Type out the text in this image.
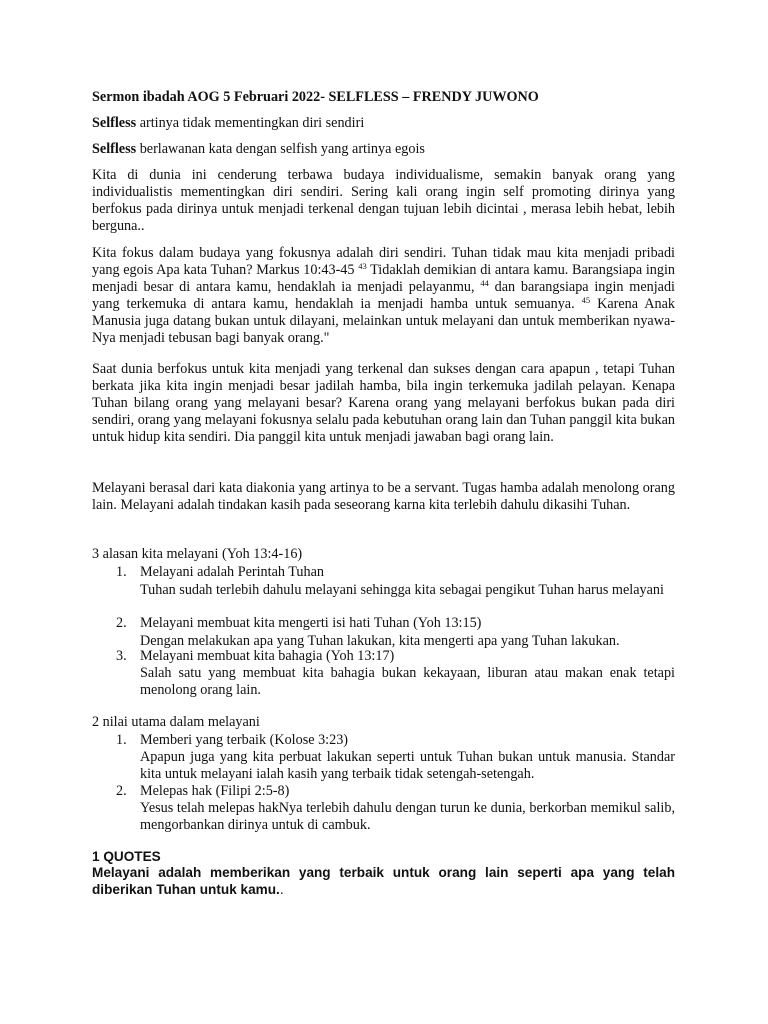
Sermon ibadah AOG 5 Februari 2022- SELFLESS – FRENDY JUWONO

Selfless artinya tidak mementingkan diri sendiri

Selfless berlawanan kata dengan selfish yang artinya egois

Kita di dunia ini cenderung terbawa budaya individualisme, semakin banyak orang yang individualistis mementingkan diri sendiri. Sering kali orang ingin self promoting dirinya yang berfokus pada dirinya untuk menjadi terkenal dengan tujuan lebih dicintai , merasa lebih hebat, lebih berguna..

Kita fokus dalam budaya yang fokusnya adalah diri sendiri. Tuhan tidak mau kita menjadi pribadi yang egois Apa kata Tuhan? Markus 10:43-45 $^{43}$ Tidaklah demikian di antara kamu. Barangsiapa ingin menjadi besar di antara kamu, hendaklah ia menjadi pelayanmu, $^{44}$ dan barangsiapa ingin menjadi yang terkemuka di antara kamu, hendaklah ia menjadi hamba untuk semuanya. $^{45}$ Karena Anak Manusia juga datang bukan untuk dilayani, melainkan untuk melayani dan untuk memberikan nyawa-Nya menjadi tebusan bagi banyak orang."

Saat dunia berfokus untuk kita menjadi yang terkenal dan sukses dengan cara apapun , tetapi Tuhan berkata jika kita ingin menjadi besar jadilah hamba, bila ingin terkemuka jadilah pelayan. Kenapa Tuhan bilang orang yang melayani besar? Karena orang yang melayani berfokus bukan pada diri sendiri, orang yang melayani fokusnya selalu pada kebutuhan orang lain dan Tuhan panggil kita bukan untuk hidup kita sendiri. Dia panggil kita untuk menjadi jawaban bagi orang lain.

Melayani berasal dari kata diakonia yang artinya to be a servant. Tugas hamba adalah menolong orang lain. Melayani adalah tindakan kasih pada seseorang karna kita terlebih dahulu dikasihi Tuhan.

3 alasan kita melayani (Yoh 13:4-16)

1. Melayani adalah Perintah Tuhan

Tuhan sudah terlebih dahulu melayani sehingga kita sebagai pengikut Tuhan harus melayani

2. Melayani membuat kita mengerti isi hati Tuhan (Yoh 13:15)

Dengan melakukan apa yang Tuhan lakukan, kita mengerti apa yang Tuhan lakukan.

3. Melayani membuat kita bahagia (Yoh 13:17)

Salah satu yang membuat kita bahagia bukan kekayaan, liburan atau makan enak tetapi menolong orang lain.

2 nilai utama dalam melayani

1. Memberi yang terbaik (Kolose 3:23)

Apapun juga yang kita perbuat lakukan seperti untuk Tuhan bukan untuk manusia. Standar kita untuk melayani ialah kasih yang terbaik tidak setengah-setengah.

2. Melepas hak (Filipi 2:5-8)

Yesus telah melepas hakNya terlebih dahulu dengan turun ke dunia, berkorban memikul salib, mengorbankan dirinya untuk di cambuk.

1 QUOTES

Melayani adalah memberikan yang terbaik untuk orang lain seperti apa yang telah diberikan Tuhan untuk kamu..
